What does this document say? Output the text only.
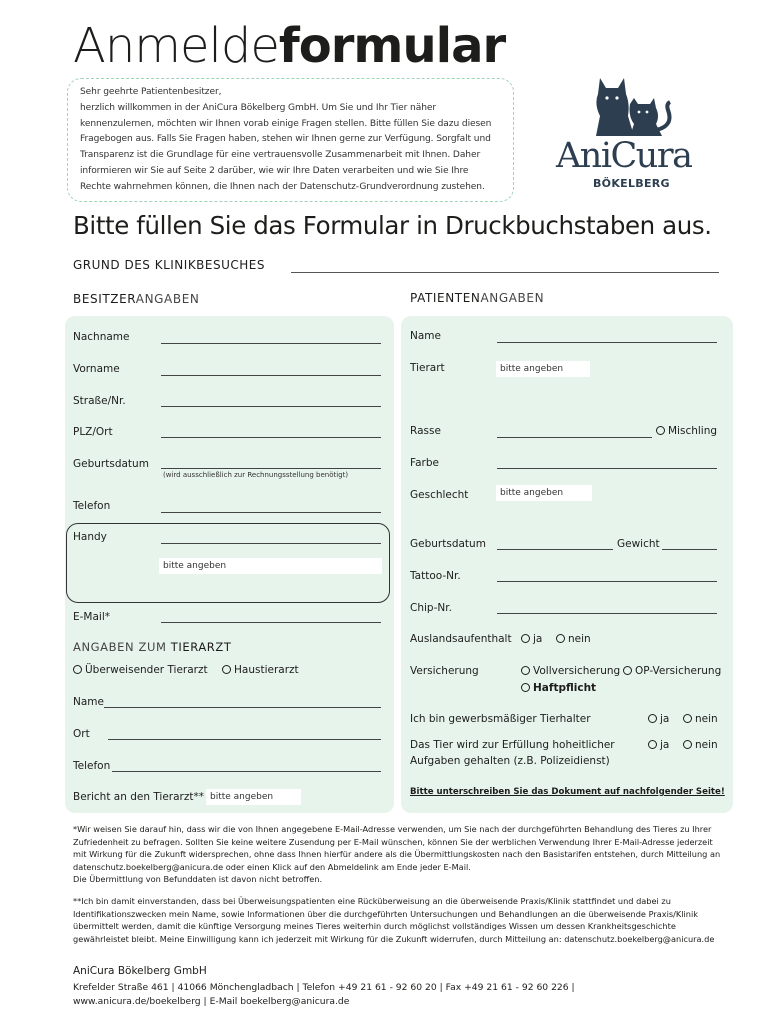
Anmeldeformular

Sehr geehrte Patientenbesitzer,

herzlich willkommen in der AniCura Bökelberg GmbH. Um Sie und Ihr Tier näher kennenzulernen, möchten wir Ihnen vorab einige Fragen stellen. Bitte füllen Sie dazu diesen Fragebogen aus. Falls Sie Fragen haben, stehen wir Ihnen gerne zur Verfügung. Sorgfalt und Transparenz ist die Grundlage für eine vertrauensvolle Zusammenarbeit mit Ihnen. Daher informieren wir Sie auf Seite 2 darüber, wie wir Ihre Daten verarbeiten und wie Sie Ihre Rechte wahrnehmen können, die Ihnen nach der Datenschutz-Grundverordnung zustehen.

AniCura
BÖKELBERG
Bitte füllen Sie das Formular in Druckbuchstaben aus.
GRUND DES KLINIKBESUCHES
BESITZERANGABEN	PATIENTENANGABEN
Nachname
Vorname
Straße/Nr.
PLZ/Ort
Geburtsdatum
(wird ausschließlich zur Rechnungsstellung benötigt)
Telefon
Handy
bitte angeben
E-Mail*
ANGABEN ZUM TIERARZT
Überweisender Tierarzt	Haustierarzt
Name
Ort
Telefon
Bericht an den Tierarzt** bitte angeben
Name
Tierart	bitte angeben
Rasse	Mischling
Farbe
Geschlecht	bitte angeben
Geburtsdatum	Gewicht
Tattoo-Nr.
Chip-Nr.
Auslandsaufenthalt	ja	nein
Versicherung	Vollversicherung	OP-Versicherung
Haftpflicht
Ich bin gewerbsmäßiger Tierhalter	ja	nein
Das Tier wird zur Erfüllung hoheitlicher
Aufgaben gehalten (z.B. Polizeidienst)
ja	nein
Bitte unterschreiben Sie das Dokument auf nachfolgender Seite!
*Wir weisen Sie darauf hin, dass wir die von Ihnen angegebene E-Mail-Adresse verwenden, um Sie nach der durchgeführten Behandlung des Tieres zu Ihrer Zufriedenheit zu befragen. Sollten Sie keine weitere Zusendung per E-Mail wünschen, können Sie der werblichen Verwendung Ihrer E-Mail-Adresse jederzeit mit Wirkung für die Zukunft widersprechen, ohne dass Ihnen hierfür andere als die Übermittlungskosten nach den Basistarifen entstehen, durch Mitteilung an datenschutz.boekelberg@anicura.de oder einen Klick auf den Abmeldelink am Ende jeder E-Mail.
Die Übermittlung von Befunddaten ist davon nicht betroffen.
**Ich bin damit einverstanden, dass bei Überweisungspatienten eine Rücküberweisung an die überweisende Praxis/Klinik stattfindet und dabei zu Identifikationszwecken mein Name, sowie Informationen über die durchgeführten Untersuchungen und Behandlungen an die überweisende Praxis/Klinik übermittelt werden, damit die künftige Versorgung meines Tieres weiterhin durch möglichst vollständiges Wissen um dessen Krankheitsgeschichte gewährleistet bleibt. Meine Einwilligung kann ich jederzeit mit Wirkung für die Zukunft widerrufen, durch Mitteilung an: datenschutz.boekelberg@anicura.de
AniCura Bökelberg GmbH
Krefelder Straße 461 | 41066 Mönchengladbach | Telefon +49 21 61 - 92 60 20 | Fax +49 21 61 - 92 60 226 |
www.anicura.de/boekelberg | E-Mail boekelberg@anicura.de
